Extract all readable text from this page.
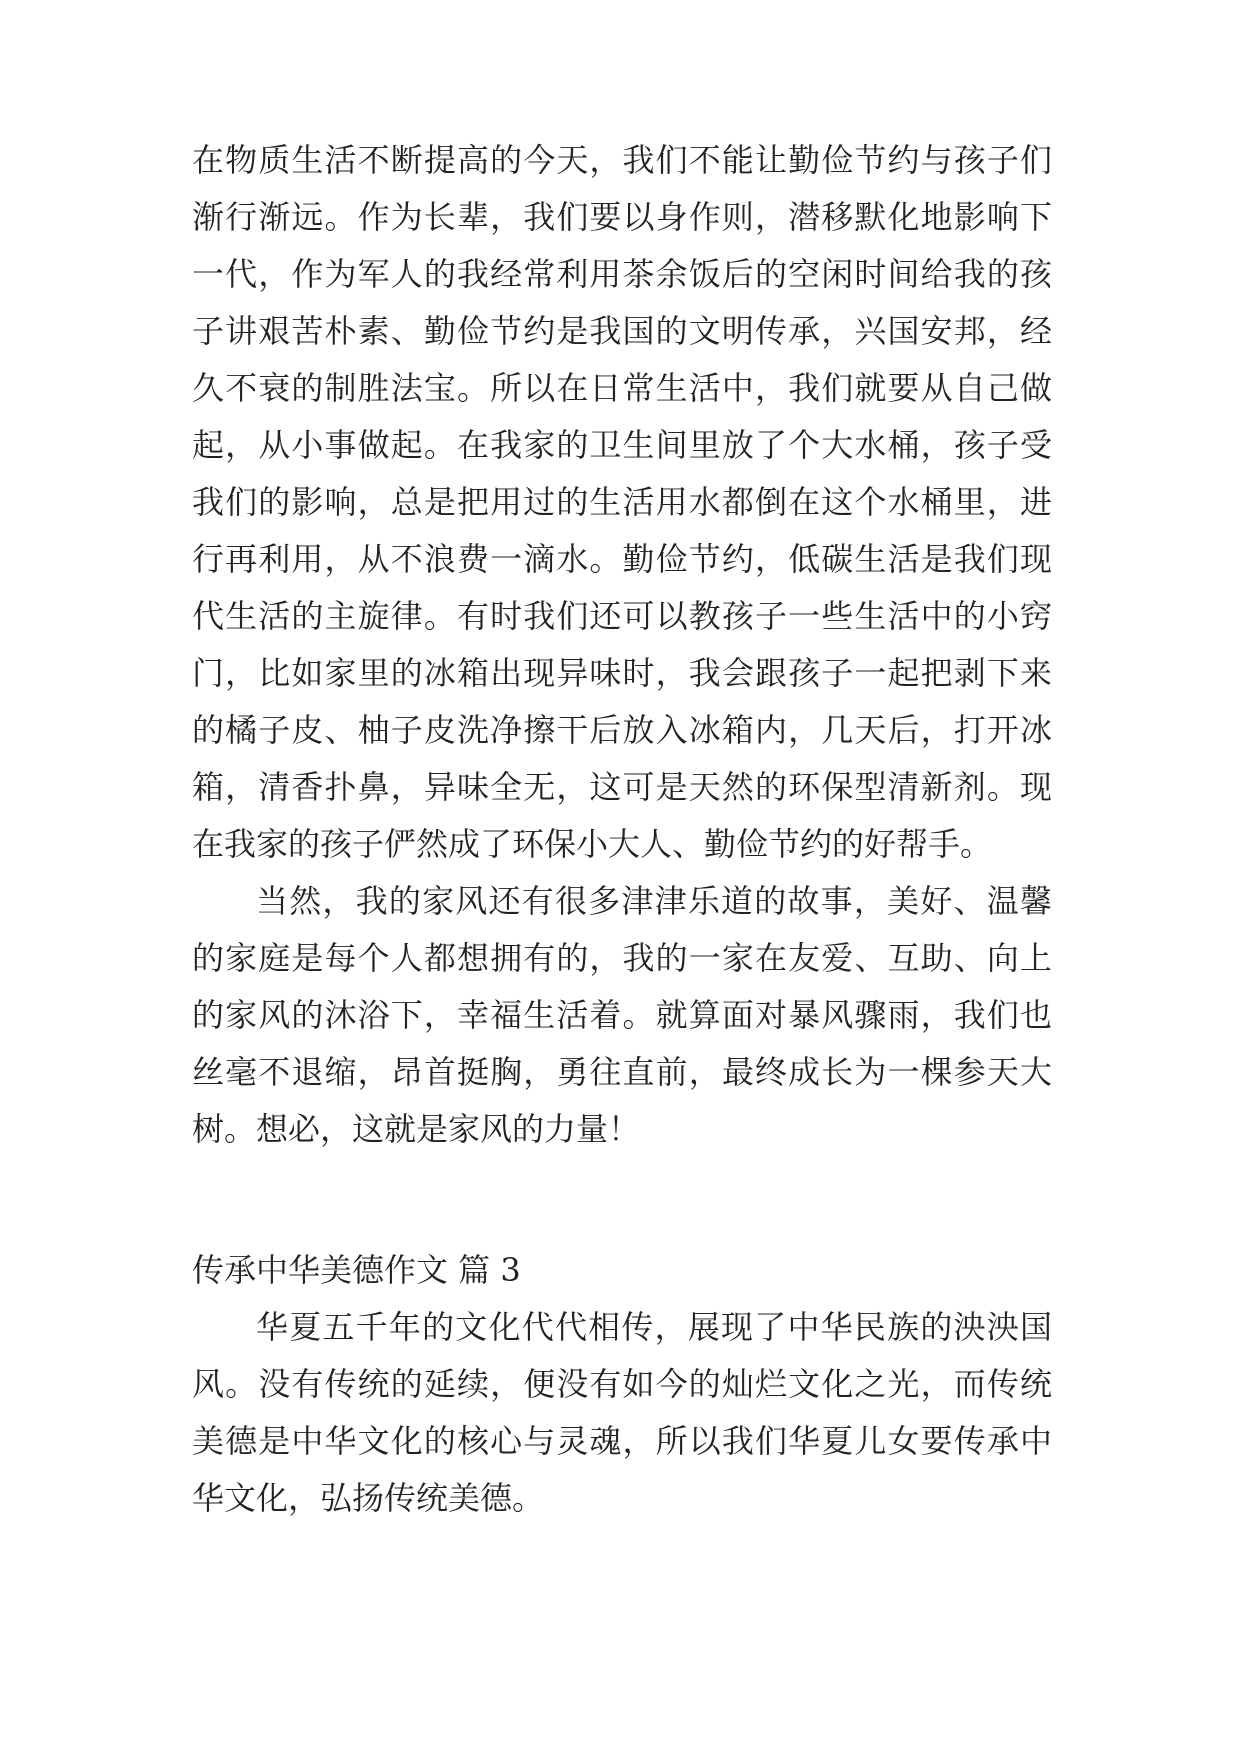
在物质生活不断提高的今天，我们不能让勤俭节约与孩子们
渐行渐远。作为长辈，我们要以身作则，潜移默化地影响下
一代，作为军人的我经常利用茶余饭后的空闲时间给我的孩
子讲艰苦朴素、勤俭节约是我国的文明传承，兴国安邦，经
久不衰的制胜法宝。所以在日常生活中，我们就要从自己做
起，从小事做起。在我家的卫生间里放了个大水桶，孩子受
我们的影响，总是把用过的生活用水都倒在这个水桶里，进
行再利用，从不浪费一滴水。勤俭节约，低碳生活是我们现
代生活的主旋律。有时我们还可以教孩子一些生活中的小窍
门，比如家里的冰箱出现异味时，我会跟孩子一起把剥下来
的橘子皮、柚子皮洗净擦干后放入冰箱内，几天后，打开冰
箱，清香扑鼻，异味全无，这可是天然的环保型清新剂。现
在我家的孩子俨然成了环保小大人、勤俭节约的好帮手。
当然，我的家风还有很多津津乐道的故事，美好、温馨
的家庭是每个人都想拥有的，我的一家在友爱、互助、向上
的家风的沐浴下，幸福生活着。就算面对暴风骤雨，我们也
丝毫不退缩，昂首挺胸，勇往直前，最终成长为一棵参天大
树。想必，这就是家风的力量！
传承中华美德作文 篇 3
华夏五千年的文化代代相传，展现了中华民族的泱泱国
风。没有传统的延续，便没有如今的灿烂文化之光，而传统
美德是中华文化的核心与灵魂，所以我们华夏儿女要传承中
华文化，弘扬传统美德。
